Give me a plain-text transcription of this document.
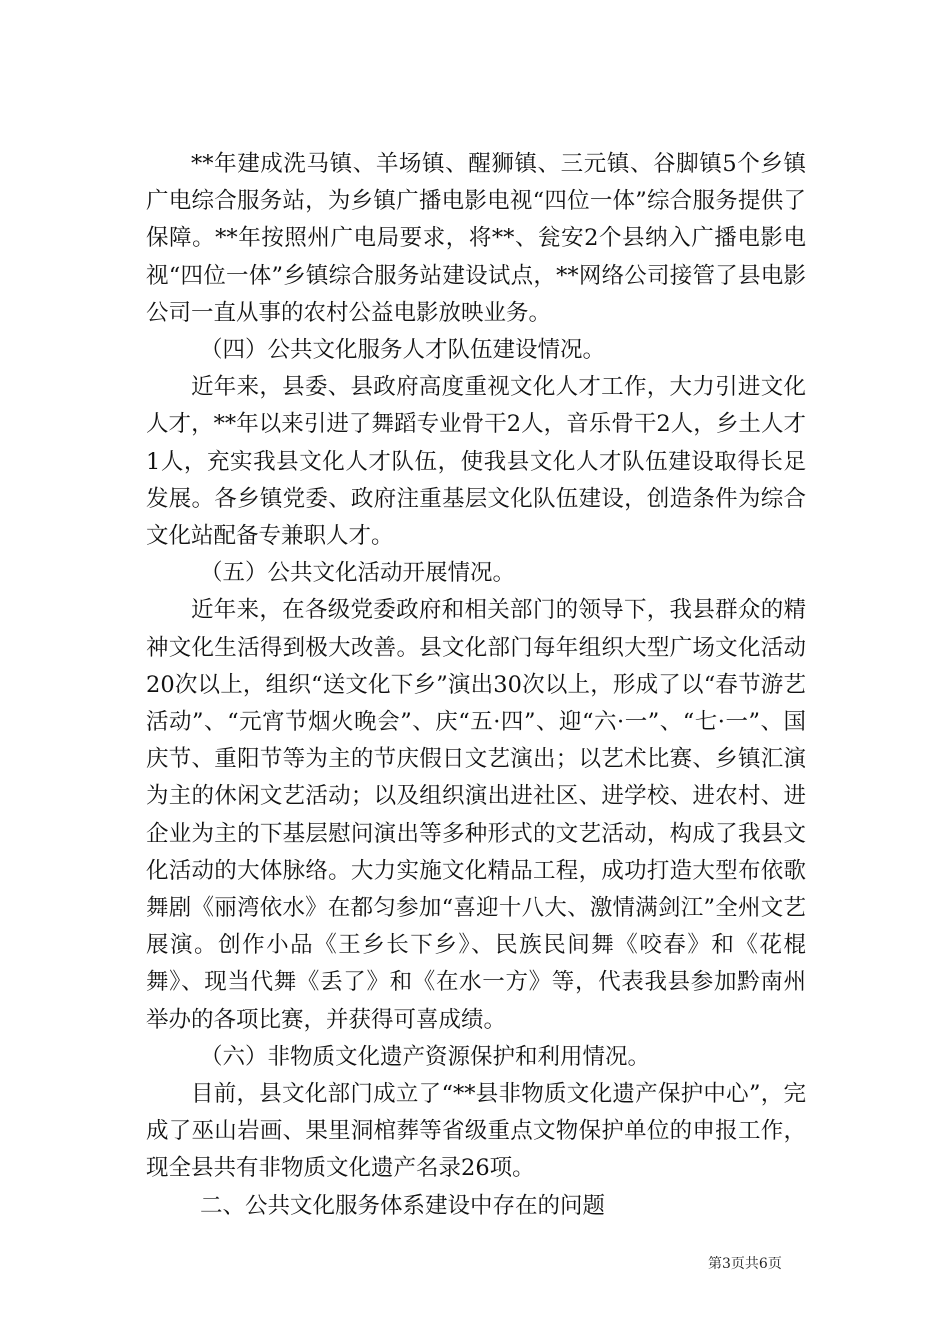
**年建成洗马镇、羊场镇、醒狮镇、三元镇、谷脚镇5个乡镇广电综合服务站，为乡镇广播电影电视“四位一体”综合服务提供了保障。**年按照州广电局要求，将**、瓮安2个县纳入广播电影电视“四位一体”乡镇综合服务站建设试点，**网络公司接管了县电影公司一直从事的农村公益电影放映业务。

（四）公共文化服务人才队伍建设情况。

近年来，县委、县政府高度重视文化人才工作，大力引进文化人才，**年以来引进了舞蹈专业骨干2人，音乐骨干2人，乡土人才1人，充实我县文化人才队伍，使我县文化人才队伍建设取得长足发展。各乡镇党委、政府注重基层文化队伍建设，创造条件为综合文化站配备专兼职人才。

（五）公共文化活动开展情况。

近年来，在各级党委政府和相关部门的领导下，我县群众的精神文化生活得到极大改善。县文化部门每年组织大型广场文化活动20次以上，组织“送文化下乡”演出30次以上，形成了以“春节游艺活动”、“元宵节烟火晚会”、庆“五·四”、迎“六·一”、“七·一”、国庆节、重阳节等为主的节庆假日文艺演出；以艺术比赛、乡镇汇演为主的休闲文艺活动；以及组织演出进社区、进学校、进农村、进企业为主的下基层慰问演出等多种形式的文艺活动，构成了我县文化活动的大体脉络。大力实施文化精品工程，成功打造大型布依歌舞剧《丽湾依水》在都匀参加“喜迎十八大、激情满剑江”全州文艺展演。创作小品《王乡长下乡》、民族民间舞《咬春》和《花棍舞》、现当代舞《丢了》和《在水一方》等，代表我县参加黔南州举办的各项比赛，并获得可喜成绩。

（六）非物质文化遗产资源保护和利用情况。

目前，县文化部门成立了“**县非物质文化遗产保护中心”，完成了巫山岩画、果里洞棺葬等省级重点文物保护单位的申报工作，现全县共有非物质文化遗产名录26项。

二、公共文化服务体系建设中存在的问题

第3页共6页
